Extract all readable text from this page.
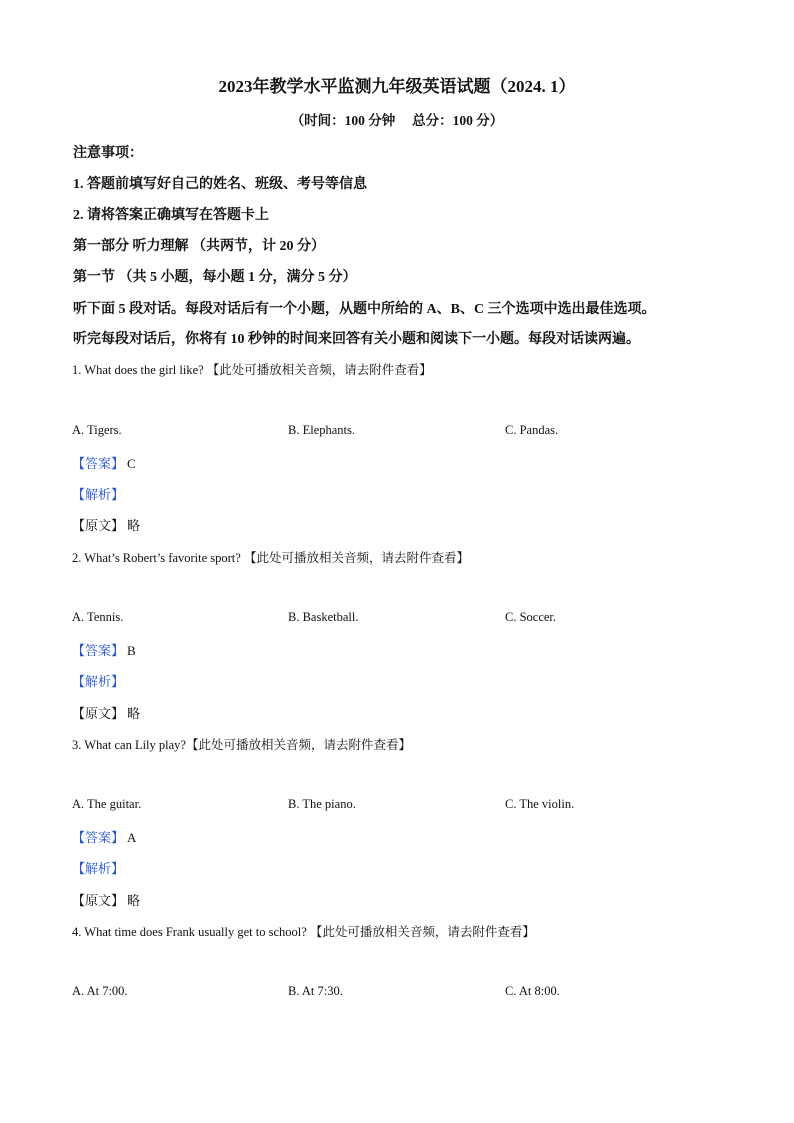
2023年教学水平监测九年级英语试题（2024. 1）
（时间：100 分钟　 总分：100 分）
注意事项：
1. 答题前填写好自己的姓名、班级、考号等信息
2. 请将答案正确填写在答题卡上
第一部分 听力理解 （共两节，计 20 分）
第一节 （共 5 小题，每小题 1 分，满分 5 分）
听下面 5 段对话。每段对话后有一个小题，从题中所给的 A、B、C 三个选项中选出最佳选项。
听完每段对话后，你将有 10 秒钟的时间来回答有关小题和阅读下一小题。每段对话读两遍。
1. What does the girl like? 【此处可播放相关音频，请去附件查看】
A. Tigers.	B. Elephants.	C. Pandas.
【答案】 C
【解析】
【原文】 略
2. What’s Robert’s favorite sport? 【此处可播放相关音频，请去附件查看】
A. Tennis.	B. Basketball.	C. Soccer.
【答案】 B
【解析】
【原文】 略
3. What can Lily play?【此处可播放相关音频，请去附件查看】
A. The guitar.	B. The piano.	C. The violin.
【答案】 A
【解析】
【原文】 略
4. What time does Frank usually get to school? 【此处可播放相关音频，请去附件查看】
A. At 7:00.	B. At 7:30.	C. At 8:00.
